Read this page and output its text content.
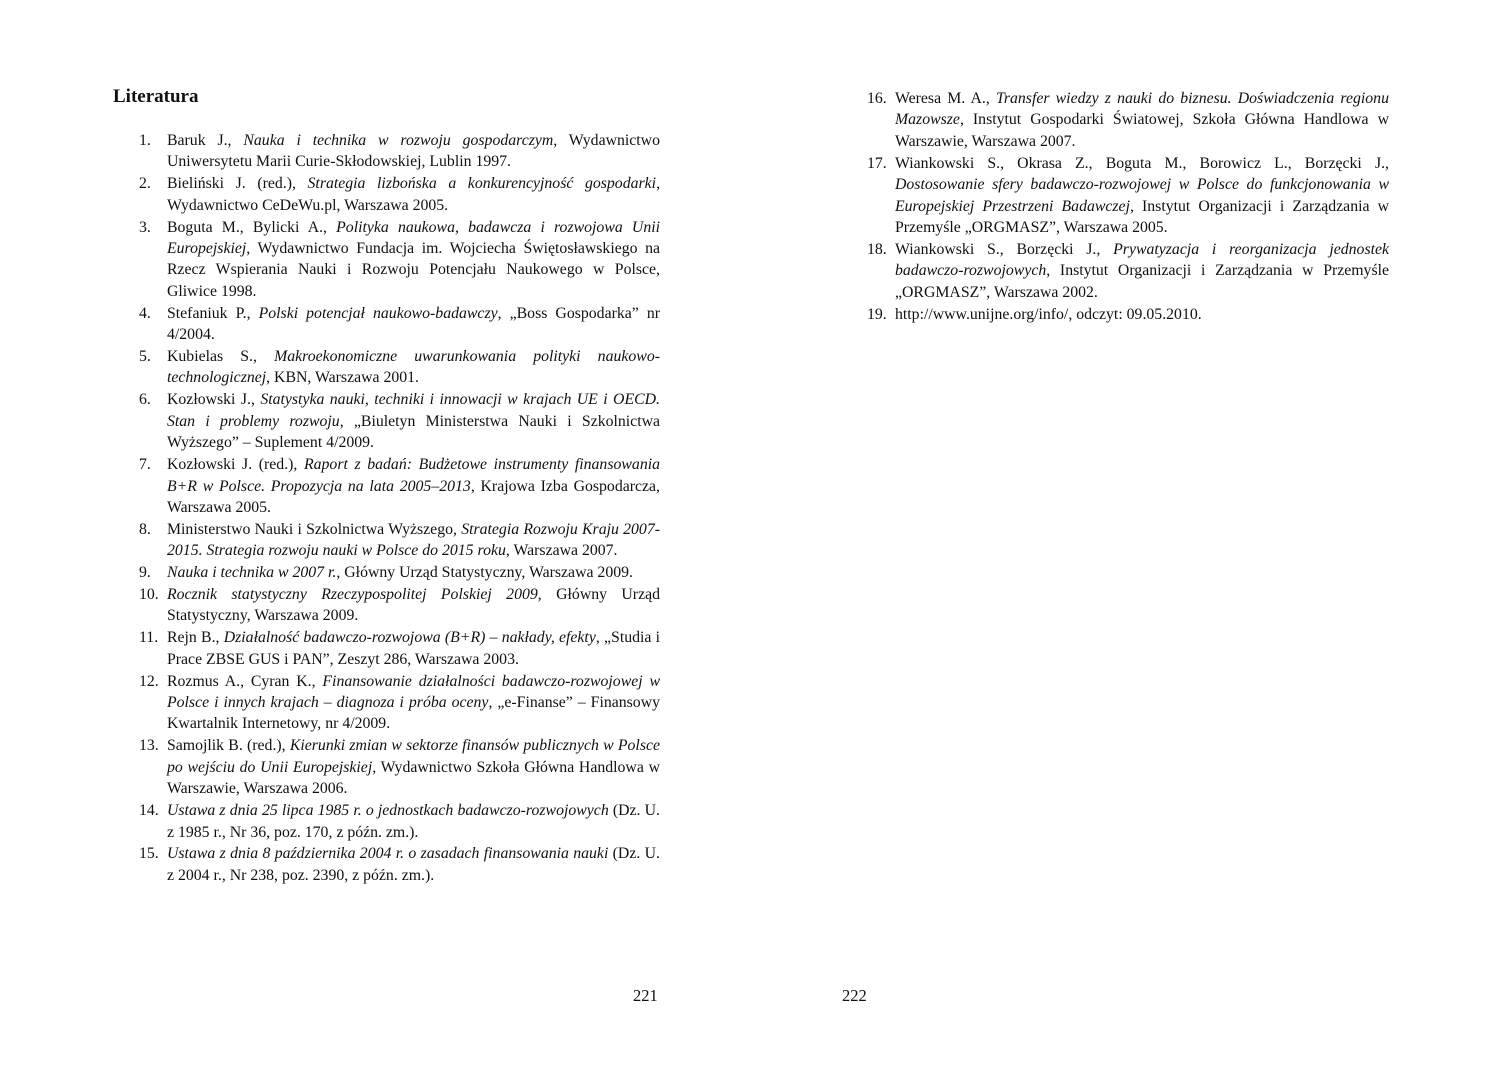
Literatura
1.	Baruk J., Nauka i technika w rozwoju gospodarczym, Wydawnictwo Uniwersytetu Marii Curie-Skłodowskiej, Lublin 1997.
2.	Bieliński J. (red.), Strategia lizbońska a konkurencyjność gospodarki, Wydawnictwo CeDeWu.pl, Warszawa 2005.
3.	Boguta M., Bylicki A., Polityka naukowa, badawcza i rozwojowa Unii Europejskiej, Wydawnictwo Fundacja im. Wojciecha Świętosławskiego na Rzecz Wspierania Nauki i Rozwoju Potencjału Naukowego w Polsce, Gliwice 1998.
4.	Stefaniuk P., Polski potencjał naukowo-badawczy, „Boss Gospodarka” nr 4/2004.
5.	Kubielas S., Makroekonomiczne uwarunkowania polityki naukowo-technologicznej, KBN, Warszawa 2001.
6.	Kozłowski J., Statystyka nauki, techniki i innowacji w krajach UE i OECD. Stan i problemy rozwoju, „Biuletyn Ministerstwa Nauki i Szkolnictwa Wyższego” – Suplement 4/2009.
7.	Kozłowski J. (red.), Raport z badań: Budżetowe instrumenty finansowania B+R w Polsce. Propozycja na lata 2005–2013, Krajowa Izba Gospodarcza, Warszawa 2005.
8.	Ministerstwo Nauki i Szkolnictwa Wyższego, Strategia Rozwoju Kraju 2007-2015. Strategia rozwoju nauki w Polsce do 2015 roku, Warszawa 2007.
9.	Nauka i technika w 2007 r., Główny Urząd Statystyczny, Warszawa 2009.
10. Rocznik statystyczny Rzeczypospolitej Polskiej 2009, Główny Urząd Statystyczny, Warszawa 2009.
11. Rejn B., Działalność badawczo-rozwojowa (B+R) – nakłady, efekty, „Studia i Prace ZBSE GUS i PAN”, Zeszyt 286, Warszawa 2003.
12. Rozmus A., Cyran K., Finansowanie działalności badawczo-rozwojowej w Polsce i innych krajach – diagnoza i próba oceny, „e-Finanse” – Finansowy Kwartalnik Internetowy, nr 4/2009.
13. Samojlik B. (red.), Kierunki zmian w sektorze finansów publicznych w Polsce po wejściu do Unii Europejskiej, Wydawnictwo Szkoła Główna Handlowa w Warszawie, Warszawa 2006.
14. Ustawa z dnia 25 lipca 1985 r. o jednostkach badawczo-rozwojowych (Dz. U. z 1985 r., Nr 36, poz. 170, z późn. zm.).
15. Ustawa z dnia 8 października 2004 r. o zasadach finansowania nauki (Dz. U. z 2004 r., Nr 238, poz. 2390, z późn. zm.).
221
16. Weresa M. A., Transfer wiedzy z nauki do biznesu. Doświadczenia regionu Mazowsze, Instytut Gospodarki Światowej, Szkoła Główna Handlowa w Warszawie, Warszawa 2007.
17. Wiankowski S., Okrasa Z., Boguta M., Borowicz L., Borzęcki J., Dostosowanie sfery badawczo-rozwojowej w Polsce do funkcjonowania w Europejskiej Przestrzeni Badawczej, Instytut Organizacji i Zarządzania w Przemyśle „ORGMASZ”, Warszawa 2005.
18. Wiankowski S., Borzęcki J., Prywatyzacja i reorganizacja jednostek badawczo-rozwojowych, Instytut Organizacji i Zarządzania w Przemyśle „ORGMASZ”, Warszawa 2002.
19. http://www.unijne.org/info/, odczyt: 09.05.2010.
222
